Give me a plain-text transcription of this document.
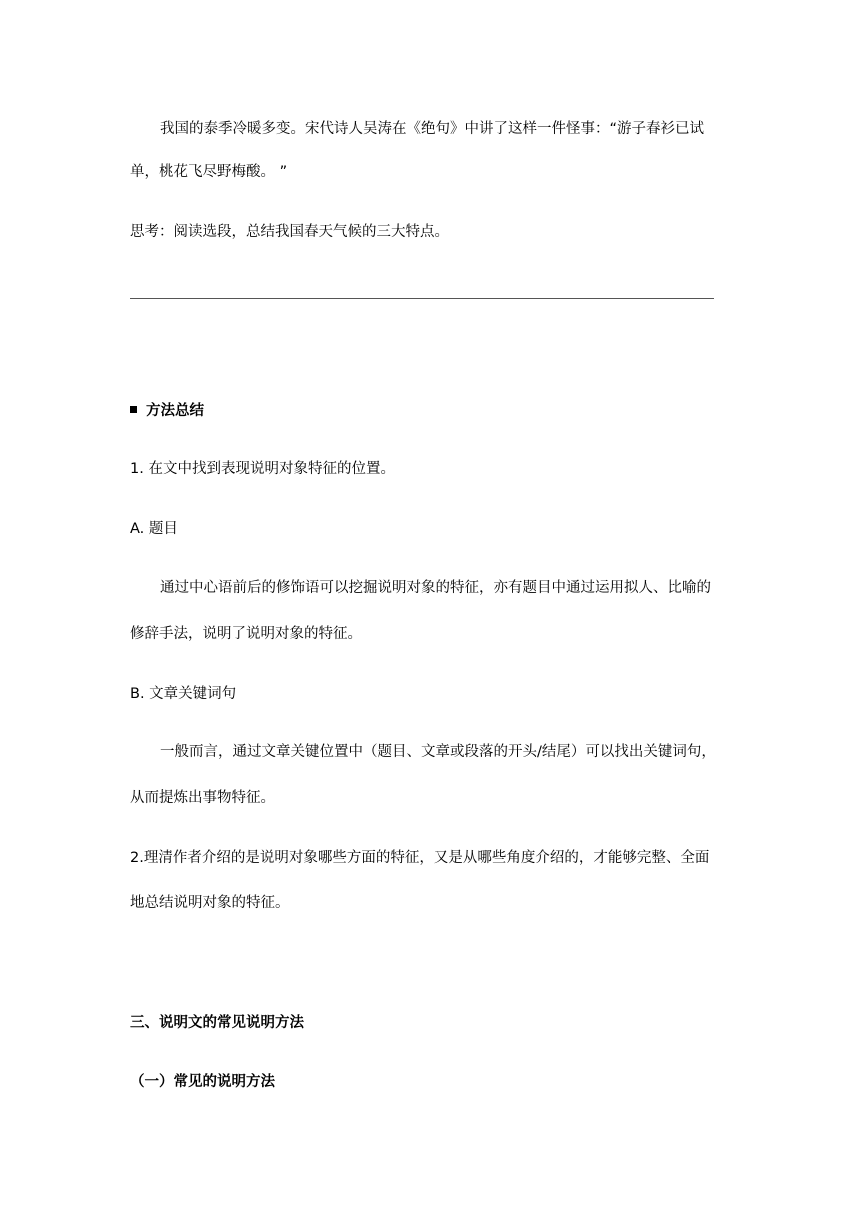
我国的泰季冷暖多变。宋代诗人吴涛在《绝句》中讲了这样一件怪事：“游子春衫已试
单，桃花飞尽野梅酸。 ”
思考：阅读选段，总结我国春天气候的三大特点。
方法总结
1. 在文中找到表现说明对象特征的位置。
A. 题目
通过中心语前后的修饰语可以挖掘说明对象的特征，亦有题目中通过运用拟人、比喻的
修辞手法，说明了说明对象的特征。
B. 文章关键词句
一般而言，通过文章关键位置中（题目、文章或段落的开头/结尾）可以找出关键词句，
从而提炼出事物特征。
2.理清作者介绍的是说明对象哪些方面的特征，又是从哪些角度介绍的，才能够完整、全面
地总结说明对象的特征。
三、说明文的常见说明方法
（一）常见的说明方法
